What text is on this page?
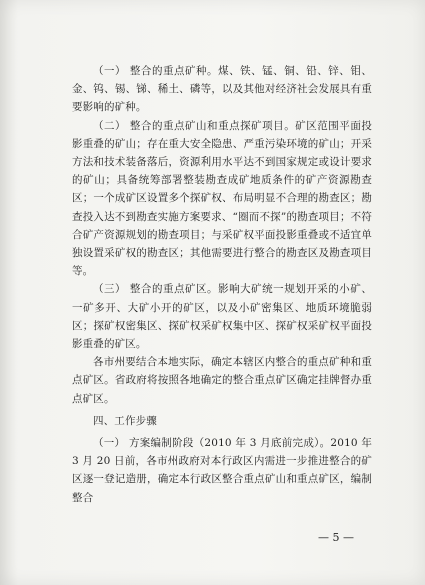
（一） 整合的重点矿种。煤、铁、锰、铜、铅、锌、钼、金、钨、锡、锑、稀土、磷等，以及其他对经济社会发展具有重要影响的矿种。

（二） 整合的重点矿山和重点探矿项目。矿区范围平面投影重叠的矿山；存在重大安全隐患、严重污染环境的矿山；开采方法和技术装备落后，资源利用水平达不到国家规定或设计要求的矿山；具备统筹部署整装勘查成矿地质条件的矿产资源勘查区；一个成矿区设置多个探矿权、布局明显不合理的勘查区；勘查投入达不到勘查实施方案要求、“圈而不探”的勘查项目；不符合矿产资源规划的勘查项目；与采矿权平面投影重叠或不适宜单独设置采矿权的勘查区；其他需要进行整合的勘查区及勘查项目等。

（三） 整合的重点矿区。影响大矿统一规划开采的小矿、一矿多开、大矿小开的矿区，以及小矿密集区、地质环境脆弱区；探矿权密集区、探矿权采矿权集中区、探矿权采矿权平面投影重叠的矿区。

各市州要结合本地实际，确定本辖区内整合的重点矿种和重点矿区。省政府将按照各地确定的整合重点矿区确定挂牌督办重点矿区。

四、工作步骤

（一） 方案编制阶段（2010 年 3 月底前完成）。2010 年 3 月 20 日前，各市州政府对本行政区内需进一步推进整合的矿区逐一登记造册，确定本行政区整合重点矿山和重点矿区，编制整合

— 5 —
